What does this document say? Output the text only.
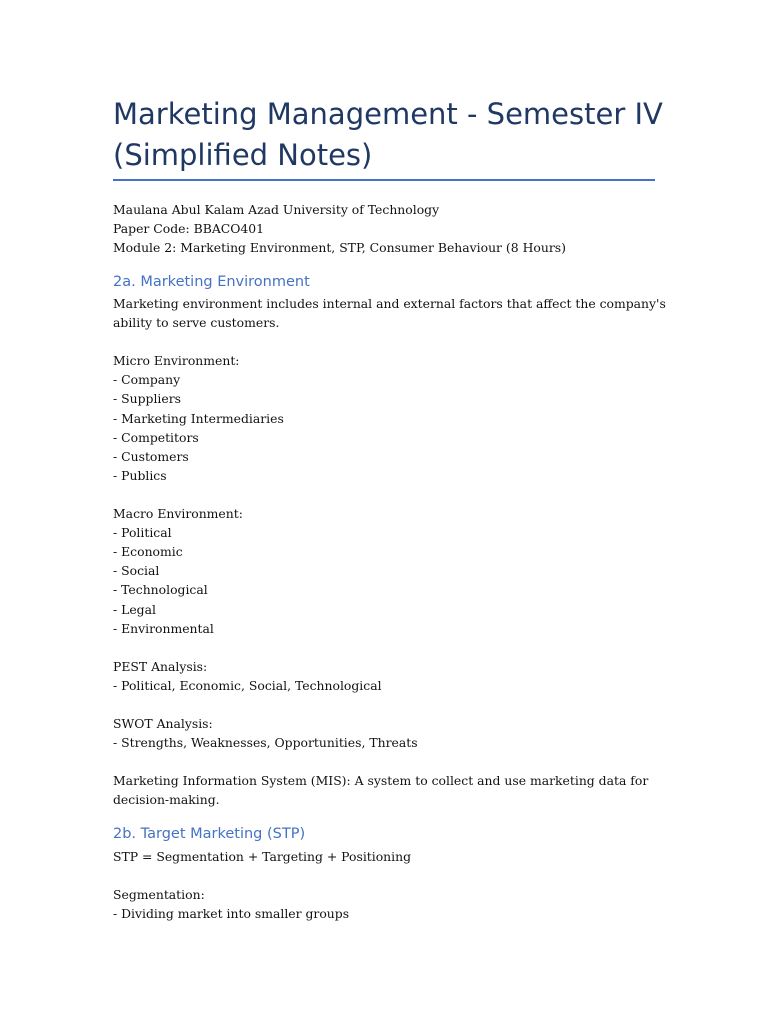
Marketing Management - Semester IV
(Simplified Notes)
Maulana Abul Kalam Azad University of Technology
Paper Code: BBACO401
Module 2: Marketing Environment, STP, Consumer Behaviour (8 Hours)
2a. Marketing Environment
Marketing environment includes internal and external factors that affect the company's
ability to serve customers.
Micro Environment:
- Company
- Suppliers
- Marketing Intermediaries
- Competitors
- Customers
- Publics
Macro Environment:
- Political
- Economic
- Social
- Technological
- Legal
- Environmental
PEST Analysis:
- Political, Economic, Social, Technological
SWOT Analysis:
- Strengths, Weaknesses, Opportunities, Threats
Marketing Information System (MIS): A system to collect and use marketing data for
decision-making.
2b. Target Marketing (STP)
STP = Segmentation + Targeting + Positioning
Segmentation:
- Dividing market into smaller groups
